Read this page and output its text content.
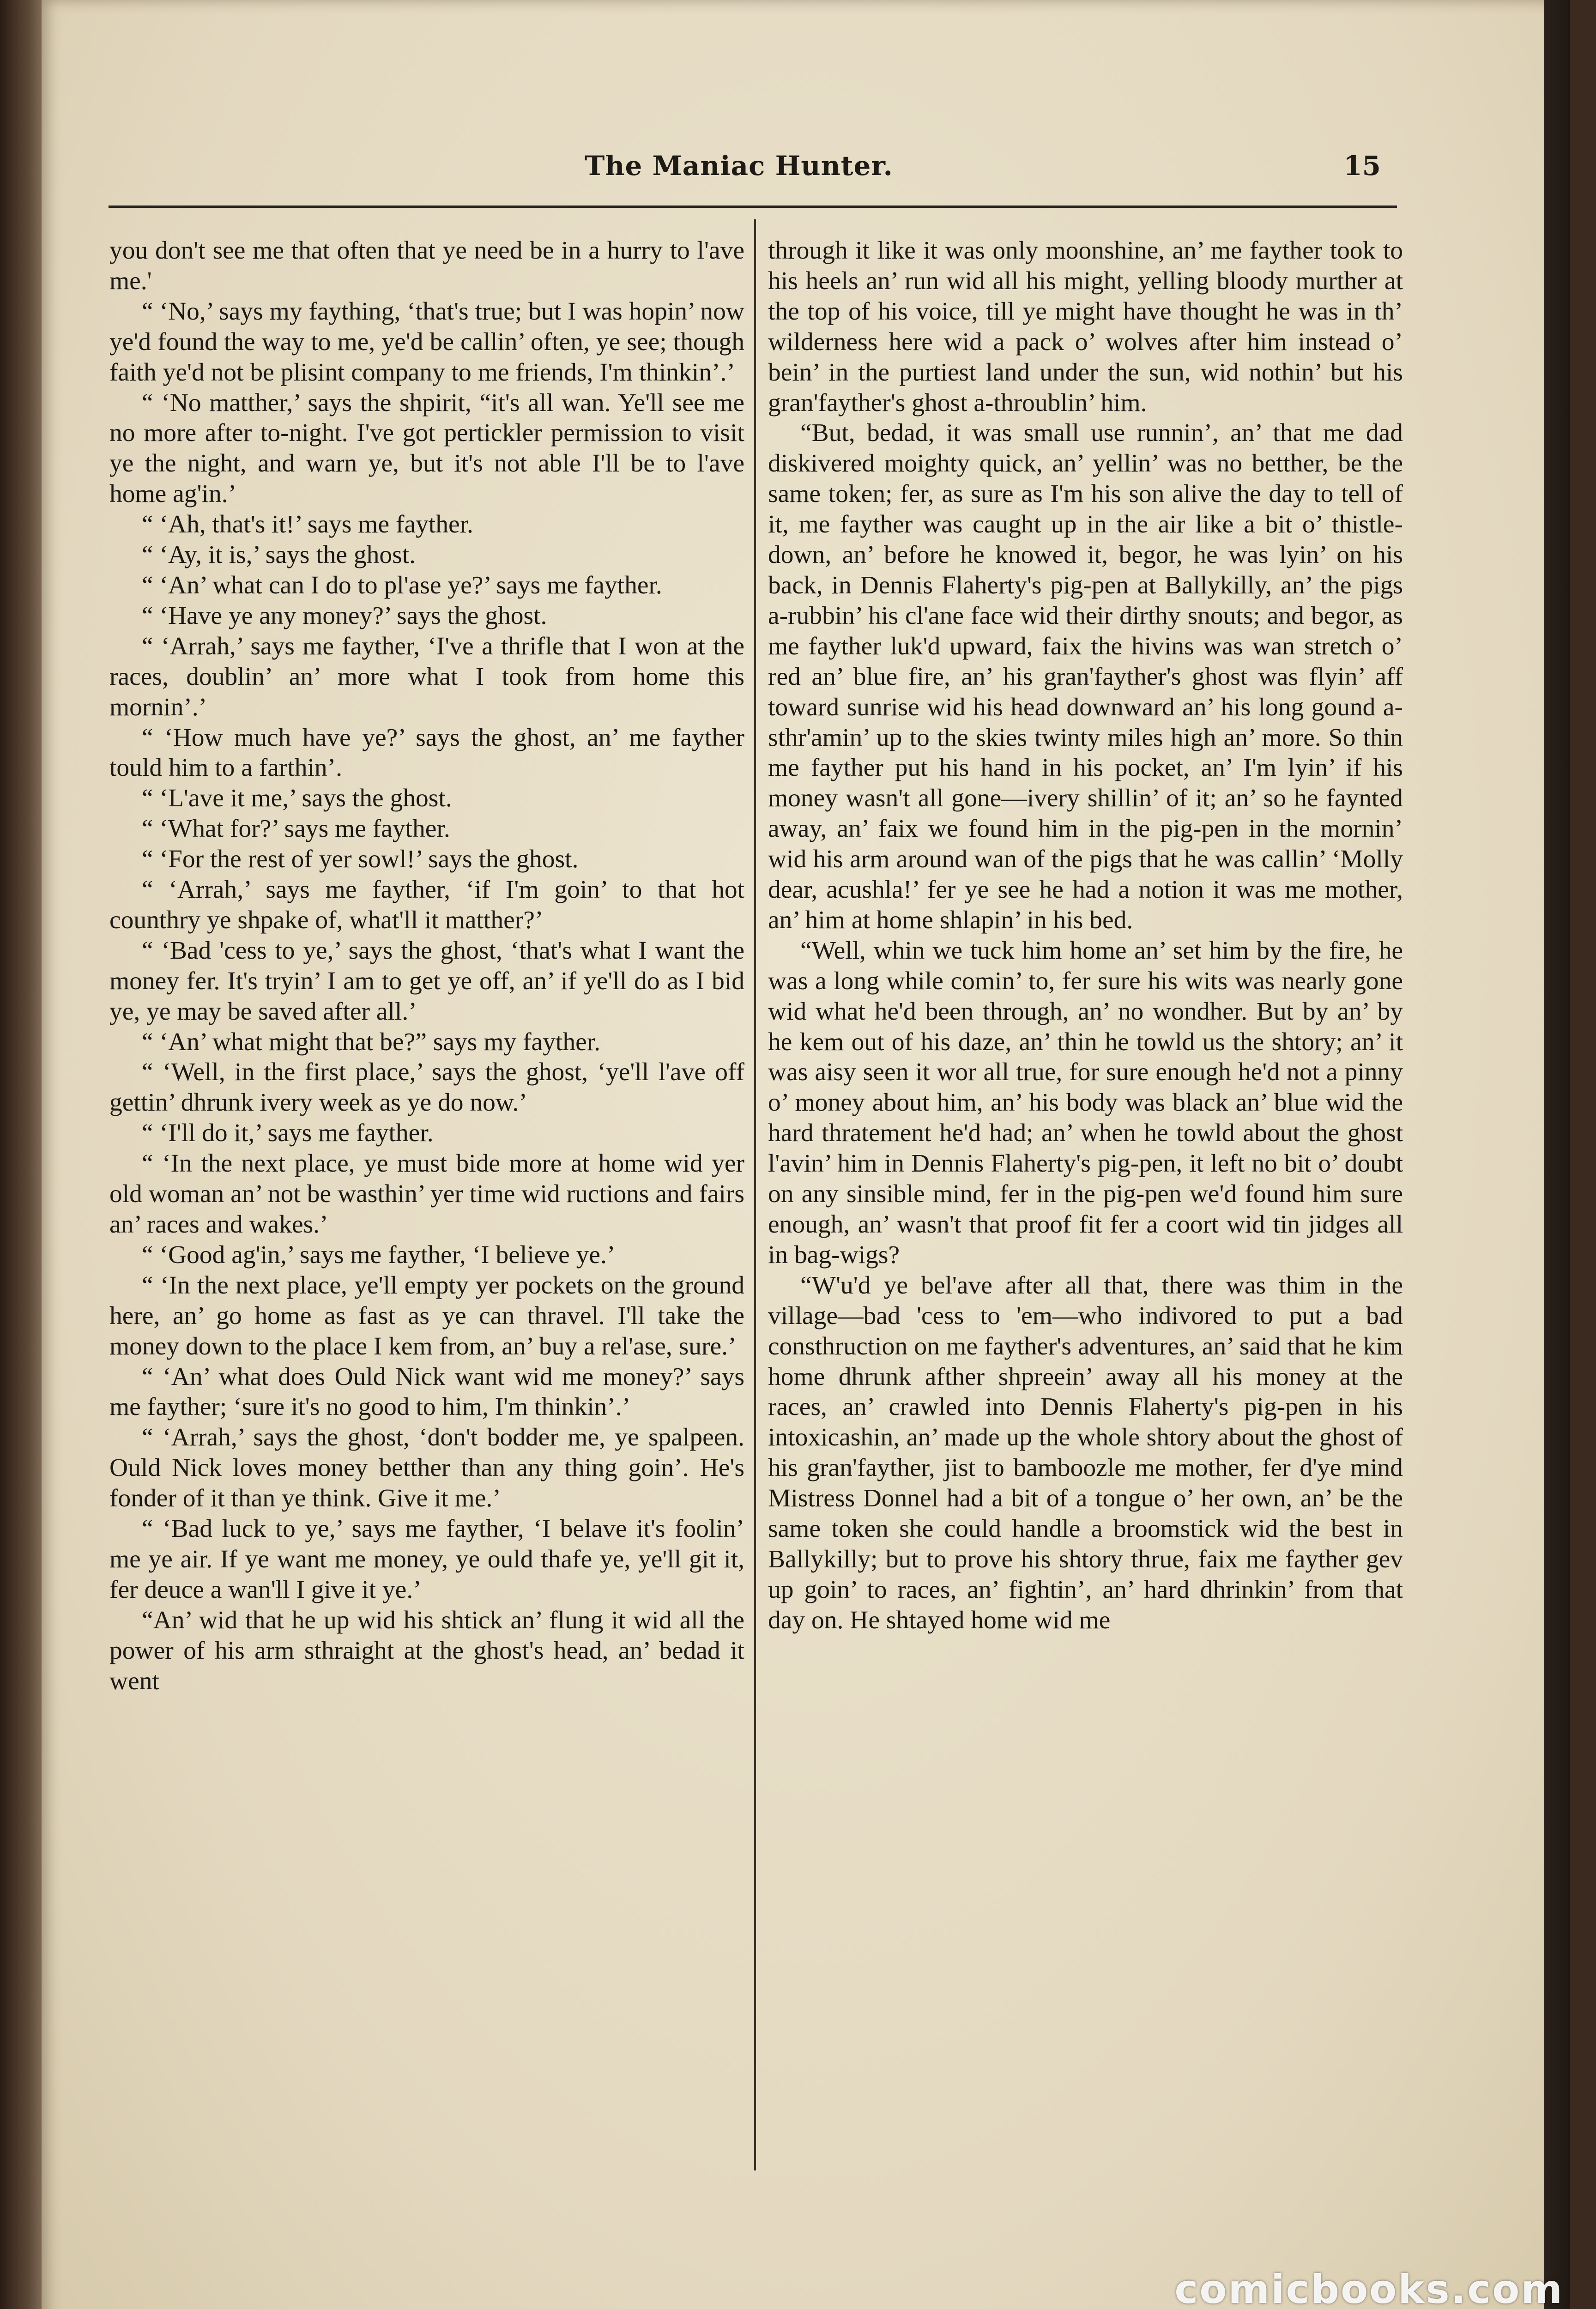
The Maniac Hunter.	15

you don't see me that often that ye need be in a hurry to l'ave me.'

“ ‘No,’ says my faything, ‘that's true; but I was hopin’ now ye'd found the way to me, ye'd be callin’ often, ye see; though faith ye'd not be plisint company to me friends, I'm thinkin’.’

“ ‘No matther,’ says the shpirit, “it's all wan. Ye'll see me no more after to-night. I've got pertickler permission to visit ye the night, and warn ye, but it's not able I'll be to l'ave home ag'in.’

“ ‘Ah, that's it!’ says me fayther.

“ ‘Ay, it is,’ says the ghost.

“ ‘An’ what can I do to pl'ase ye?’ says me fayther.

“ ‘Have ye any money?’ says the ghost.

“ ‘Arrah,’ says me fayther, ‘I've a thrifle that I won at the races, doublin’ an’ more what I took from home this mornin’.’

“ ‘How much have ye?’ says the ghost, an’ me fayther tould him to a farthin’.

“ ‘L'ave it me,’ says the ghost.

“ ‘What for?’ says me fayther.

“ ‘For the rest of yer sowl!’ says the ghost.

“ ‘Arrah,’ says me fayther, ‘if I'm goin’ to that hot counthry ye shpake of, what'll it matther?’

“ ‘Bad 'cess to ye,’ says the ghost, ‘that's what I want the money fer. It's tryin’ I am to get ye off, an’ if ye'll do as I bid ye, ye may be saved after all.’

“ ‘An’ what might that be?” says my fayther.

“ ‘Well, in the first place,’ says the ghost, ‘ye'll l'ave off gettin’ dhrunk ivery week as ye do now.’

“ ‘I'll do it,’ says me fayther.

“ ‘In the next place, ye must bide more at home wid yer old woman an’ not be wasthin’ yer time wid ructions and fairs an’ races and wakes.’

“ ‘Good ag'in,’ says me fayther, ‘I believe ye.’

“ ‘In the next place, ye'll empty yer pockets on the ground here, an’ go home as fast as ye can thravel. I'll take the money down to the place I kem from, an’ buy a rel'ase, sure.’

“ ‘An’ what does Ould Nick want wid me money?’ says me fayther; ‘sure it's no good to him, I'm thinkin’.’

“ ‘Arrah,’ says the ghost, ‘don't bodder me, ye spalpeen. Ould Nick loves money betther than any thing goin’. He's fonder of it than ye think. Give it me.’

“ ‘Bad luck to ye,’ says me fayther, ‘I belave it's foolin’ me ye air. If ye want me money, ye ould thafe ye, ye'll git it, fer deuce a wan'll I give it ye.’

“An’ wid that he up wid his shtick an’ flung it wid all the power of his arm sthraight at the ghost's head, an’ bedad it went

through it like it was only moonshine, an’ me fayther took to his heels an’ run wid all his might, yelling bloody murther at the top of his voice, till ye might have thought he was in th’ wilderness here wid a pack o’ wolves after him instead o’ bein’ in the purtiest land under the sun, wid nothin’ but his gran'fayther's ghost a-throublin’ him.

“But, bedad, it was small use runnin’, an’ that me dad diskivered moighty quick, an’ yellin’ was no betther, be the same token; fer, as sure as I'm his son alive the day to tell of it, me fayther was caught up in the air like a bit o’ thistle-down, an’ before he knowed it, begor, he was lyin’ on his back, in Dennis Flaherty's pig-pen at Ballykilly, an’ the pigs a-rubbin’ his cl'ane face wid their dirthy snouts; and begor, as me fayther luk'd upward, faix the hivins was wan stretch o’ red an’ blue fire, an’ his gran'fayther's ghost was flyin’ aff toward sunrise wid his head downward an’ his long gound a-sthr'amin’ up to the skies twinty miles high an’ more. So thin me fayther put his hand in his pocket, an’ I'm lyin’ if his money wasn't all gone—ivery shillin’ of it; an’ so he faynted away, an’ faix we found him in the pig-pen in the mornin’ wid his arm around wan of the pigs that he was callin’ ‘Molly dear, acushla!’ fer ye see he had a notion it was me mother, an’ him at home shlapin’ in his bed.

“Well, whin we tuck him home an’ set him by the fire, he was a long while comin’ to, fer sure his wits was nearly gone wid what he'd been through, an’ no wondher. But by an’ by he kem out of his daze, an’ thin he towld us the shtory; an’ it was aisy seen it wor all true, for sure enough he'd not a pinny o’ money about him, an’ his body was black an’ blue wid the hard thratement he'd had; an’ when he towld about the ghost l'avin’ him in Dennis Flaherty's pig-pen, it left no bit o’ doubt on any sinsible mind, fer in the pig-pen we'd found him sure enough, an’ wasn't that proof fit fer a coort wid tin jidges all in bag-wigs?

“W'u'd ye bel'ave after all that, there was thim in the village—bad 'cess to 'em—who indivored to put a bad consthruction on me fayther's adventures, an’ said that he kim home dhrunk afther shpreein’ away all his money at the races, an’ crawled into Dennis Flaherty's pig-pen in his intoxicashin, an’ made up the whole shtory about the ghost of his gran'fayther, jist to bamboozle me mother, fer d'ye mind Mistress Donnel had a bit of a tongue o’ her own, an’ be the same token she could handle a broomstick wid the best in Ballykilly; but to prove his shtory thrue, faix me fayther gev up goin’ to races, an’ fightin’, an’ hard dhrinkin’ from that day on. He shtayed home wid me

comicbooks.com
